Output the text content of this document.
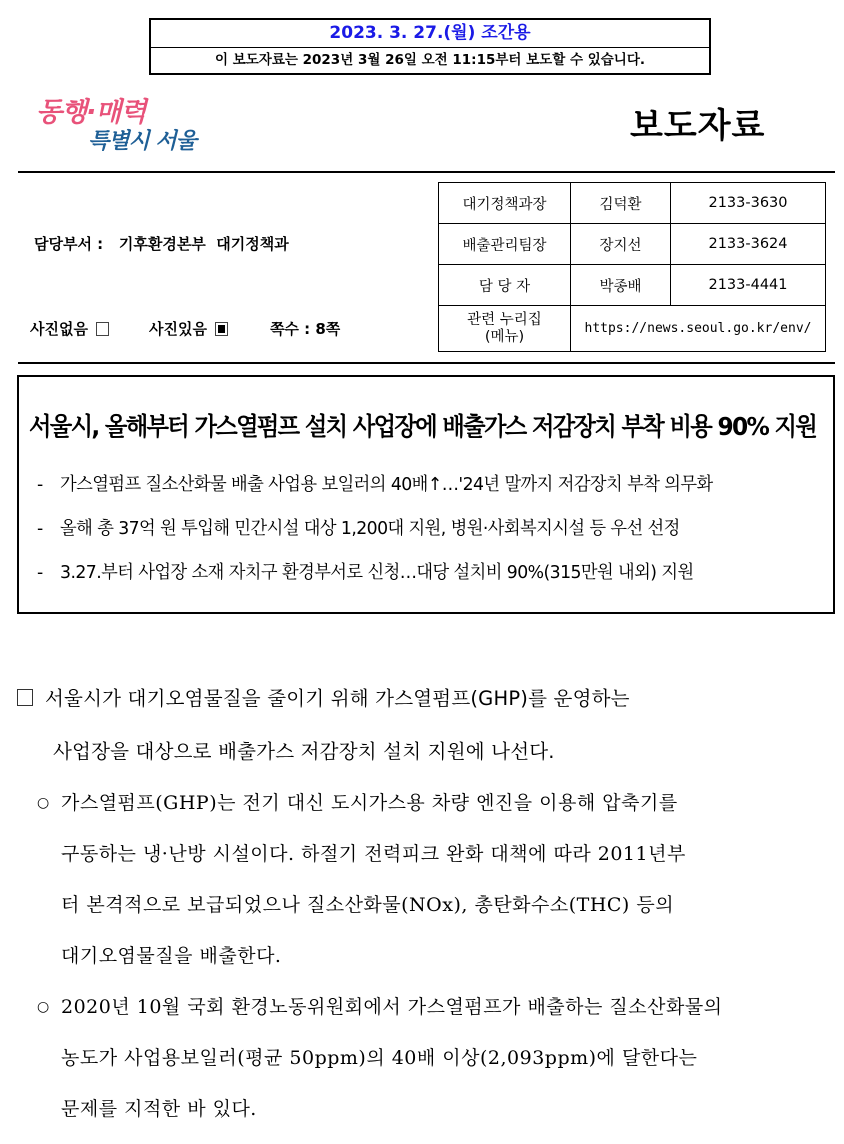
2023. 3. 27.(월) 조간용
이 보도자료는 2023년 3월 26일 오전 11:15부터 보도할 수 있습니다.
동행·매력
특별시 서울	보도자료
담당부서 : 기후환경본부  대기정책과
사진없음	사진있음	쪽수 : 8쪽
대기정책과장	김덕환	2133-3630
배출관리팀장	장지선	2133-3624
담 당 자	박종배	2133-4441

관련 누리집
(메뉴)	https://news.seoul.go.kr/env/	
서울시, 올해부터 가스열펌프 설치 사업장에 배출가스 저감장치 부착 비용 90% 지원
- 가스열펌프 질소산화물 배출 사업용 보일러의 40배↑…'24년 말까지 저감장치 부착 의무화
- 올해 총 37억 원 투입해 민간시설 대상 1,200대 지원, 병원·사회복지시설 등 우선 선정
- 3.27.부터 사업장 소재 자치구 환경부서로 신청…대당 설치비 90%(315만원 내외) 지원
서울시가 대기오염물질을 줄이기 위해 가스열펌프(GHP)를 운영하는
사업장을 대상으로 배출가스 저감장치 설치 지원에 나선다.
○ 가스열펌프(GHP)는 전기 대신 도시가스용 차량 엔진을 이용해 압축기를
구동하는 냉·난방 시설이다. 하절기 전력피크 완화 대책에 따라 2011년부
터 본격적으로 보급되었으나 질소산화물(NOx), 총탄화수소(THC) 등의
대기오염물질을 배출한다.
○ 2020년 10월 국회 환경노동위원회에서 가스열펌프가 배출하는 질소산화물의
농도가 사업용보일러(평균 50ppm)의 40배 이상(2,093ppm)에 달한다는
문제를 지적한 바 있다.
